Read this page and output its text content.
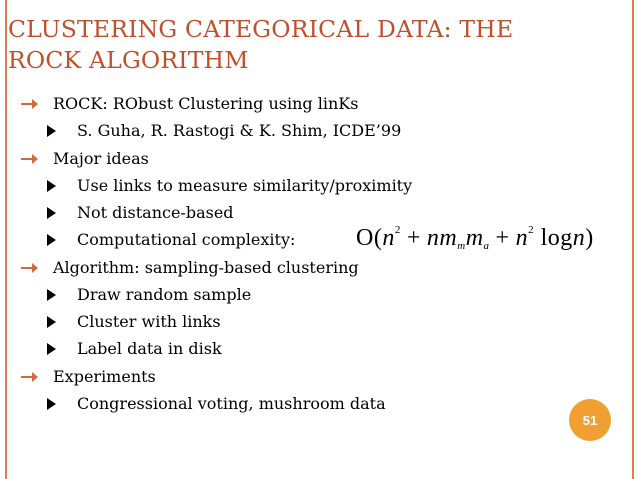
CLUSTERING CATEGORICAL DATA: THE
ROCK ALGORITHM
ROCK: RObust Clustering using linKs
S. Guha, R. Rastogi & K. Shim, ICDE’99
Major ideas
Use links to measure similarity/proximity
Not distance-based
Computational complexity:	$O(n^2 + nm_mm_a + n^2$ logn)
Algorithm: sampling-based clustering
Draw random sample
Cluster with links
Label data in disk
Experiments
Congressional voting, mushroom data
51
